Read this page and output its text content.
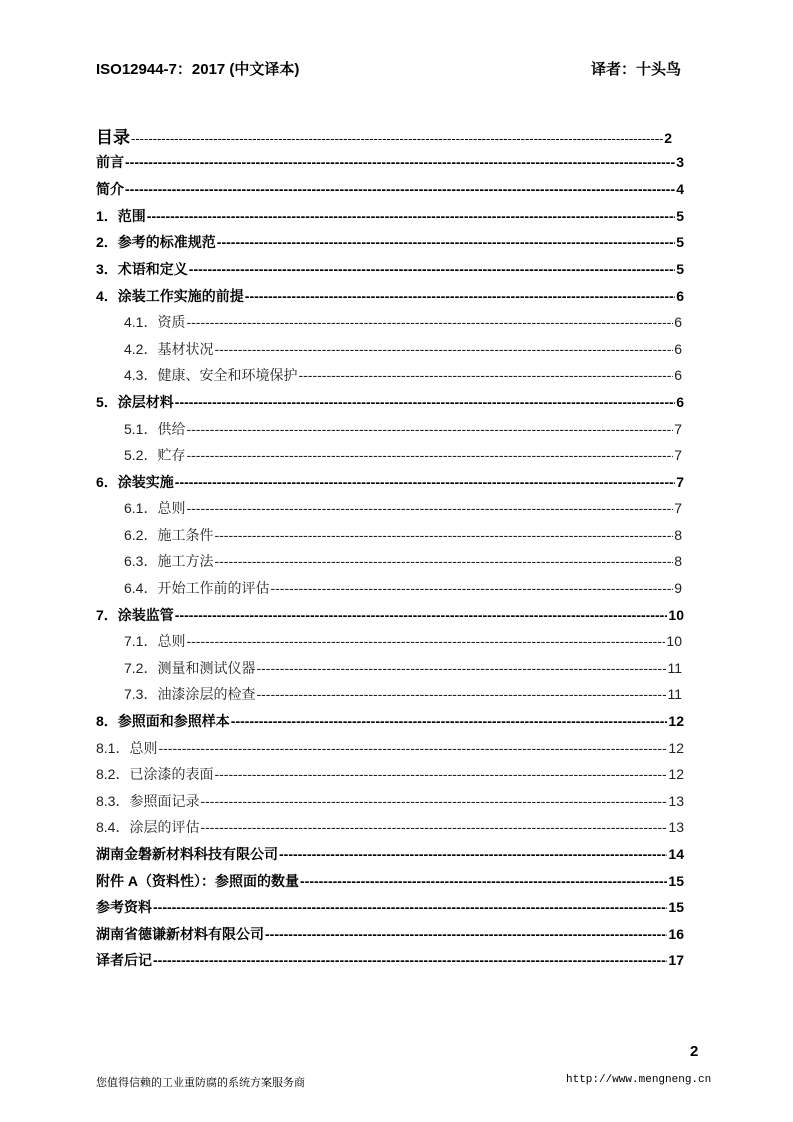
ISO12944-7：2017 (中文译本)	译者：十头鸟
目录 -----	2
前言 -----	3
简介 -----	4
1．范围 -----	5
2．参考的标准规范 -----	5
3．术语和定义 -----	5
4．涂装工作实施的前提 -----	6
4.1．资质 -----	6
4.2．基材状况 -----	6
4.3．健康、安全和环境保护 -----	6
5．涂层材料 -----	6
5.1．供给 -----	7
5.2．贮存 -----	7
6．涂装实施 -----	7
6.1．总则 -----	7
6.2．施工条件 -----	8
6.3．施工方法 -----	8
6.4．开始工作前的评估 -----	9
7．涂装监管 -----	10
7.1．总则 -----	10
7.2．测量和测试仪器 -----	11
7.3．油漆涂层的检查 -----	11
8．参照面和参照样本 -----	12
8.1．总则 -----	12
8.2．已涂漆的表面 -----	12
8.3．参照面记录 -----	13
8.4．涂层的评估 -----	13
湖南金磐新材料科技有限公司 -----	14
附件 A（资料性）：参照面的数量 -----	15
参考资料 -----	15
湖南省德谦新材料有限公司 -----	16
译者后记 -----	17
2
您值得信赖的工业重防腐的系统方案服务商	http://www.mengneng.cn
